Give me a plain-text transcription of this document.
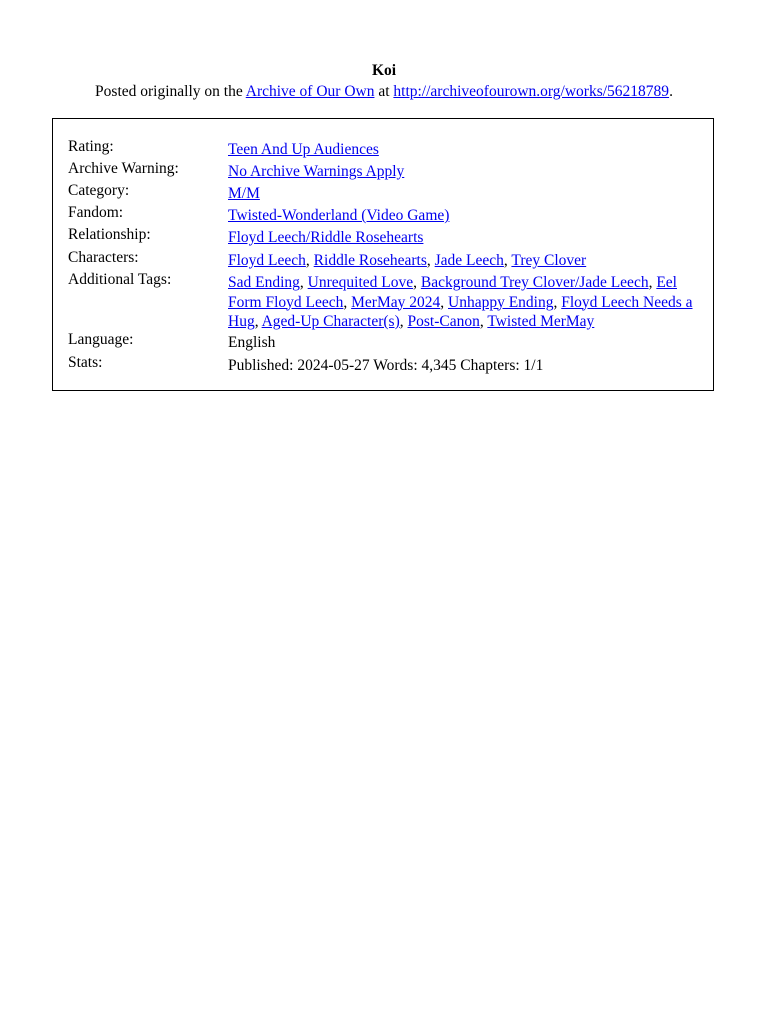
Koi
Posted originally on the Archive of Our Own at http://archiveofourown.org/works/56218789.
Rating:	Teen And Up Audiences
Archive Warning:	No Archive Warnings Apply
Category:	M/M
Fandom:	Twisted-Wonderland (Video Game)
Relationship:	Floyd Leech/Riddle Rosehearts
Characters:	Floyd Leech, Riddle Rosehearts, Jade Leech, Trey Clover
Additional Tags:	Sad Ending, Unrequited Love, Background Trey Clover/Jade Leech, Eel Form Floyd Leech, MerMay 2024, Unhappy Ending, Floyd Leech Needs a Hug, Aged-Up Character(s), Post-Canon, Twisted MerMay
Language:	English
Stats:	Published: 2024-05-27 Words: 4,345 Chapters: 1/1
